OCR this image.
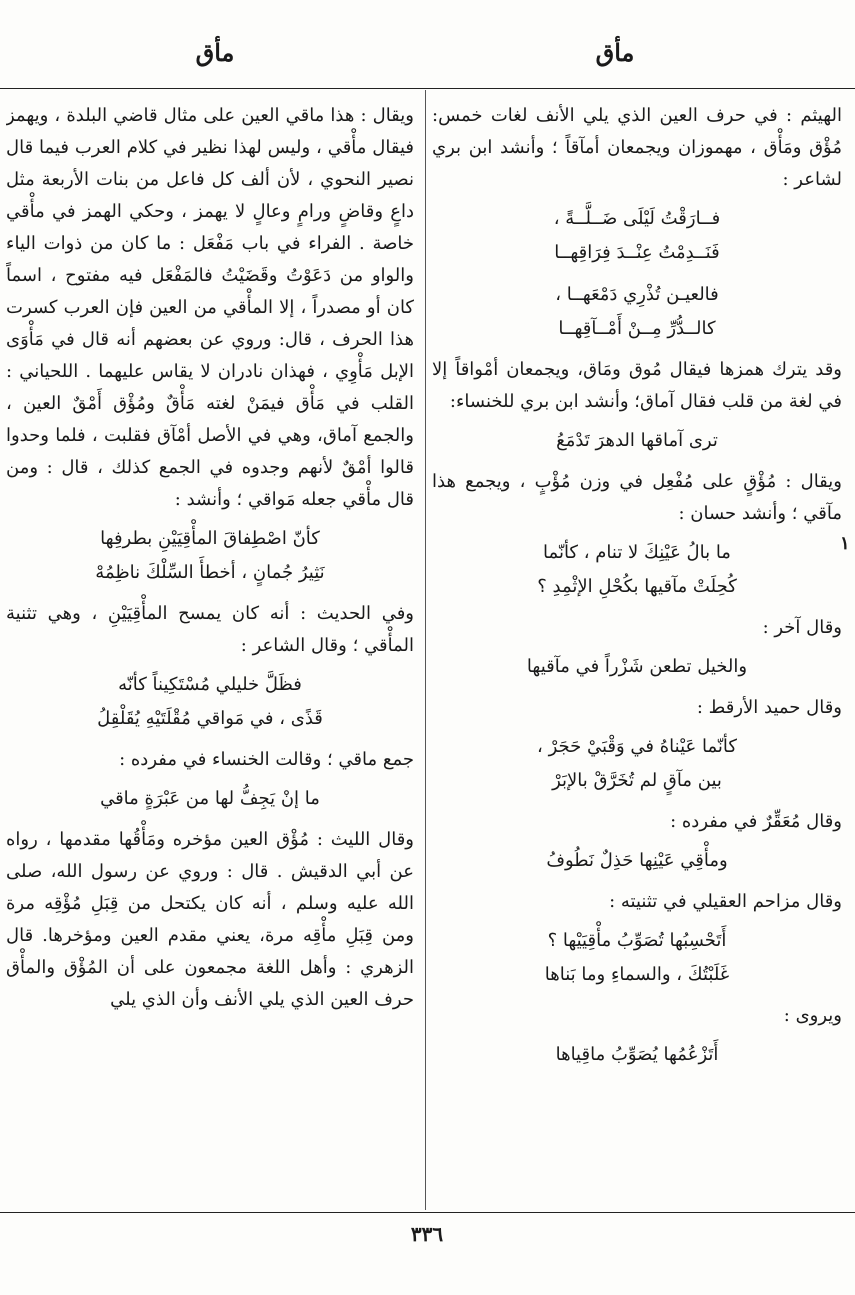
مأق
مأق
١

الهيثم : في حرف العين الذي يلي الأنف لغات خمس: مُؤْق ومَأْق ، مهموزان ويجمعان أمآقاً ؛ وأنشد ابن بري لشاعر :

فــارَقْتُ لَيْلَى ضَــلَّــةً ،
فَنَــدِمْتُ عِنْــدَ فِرَاقِهــا
فالعيـن تُذْرِي دَمْعَهــا ،
كالــدُّرِّ مِــنْ أَمْــآقِهــا

وقد يترك همزها فيقال مُوق ومَاق، ويجمعان أمْواقاً إلا في لغة من قلب فقال آماق؛ وأنشد ابن بري للخنساء:

ترى آماقها الدهرَ تَدْمَعُ

ويقال : مُؤْقٍ على مُفْعِل في وزن مُؤْبٍ ، ويجمع هذا مآقي ؛ وأنشد حسان :

ما بالُ عَيْنِكَ لا تنام ، كأنّما
كُحِلَتْ مآقيها بكُحْلِ الإثْمِدِ ؟

وقال آخر :

والخيل تطعن شَزْراً في مآقيها

وقال حميد الأرقط :

كأنّما عَيْناهُ في وَقْبَيْ حَجَرْ ،
بين مآقٍ لم تُخَرَّقْ بالإبَرْ

وقال مُعَقِّرٌ في مفرده :

ومأْقِي عَيْنِها حَذِلٌ نَطُوفُ

وقال مزاحم العقيلي في تثنيته :

أَتَحْسِبُها تُصَوِّبُ مأْقِيَيْها ؟
غَلَبْتُكَ ، والسماءِ وما بَناها

ويروى :

أَتَزْعُمُها يُصَوِّبُ ماقِياها

ويقال : هذا ماقي العين على مثال قاضي البلدة ، ويهمز فيقال مأْقي ، وليس لهذا نظير في كلام العرب فيما قال نصير النحوي ، لأن ألف كل فاعل من بنات الأربعة مثل داعٍ وقاضٍ ورامٍ وعالٍ لا يهمز ، وحكي الهمز في مأْقي خاصة . الفراء في باب مَفْعَل : ما كان من ذوات الياء والواو من دَعَوْتُ وقَضَيْتُ فالمَفْعَل فيه مفتوح ، اسماً كان أو مصدراً ، إلا المأْقي من العين فإن العرب كسرت هذا الحرف ، قال: وروي عن بعضهم أنه قال في مَأْوَى الإبل مَأْوِي ، فهذان نادران لا يقاس عليهما . اللحياني : القلب في مَأْق فيمَنْ لغته مَأْقٌ ومُؤْق أَمْقٌ العين ، والجمع آماق، وهي في الأصل أمْآق فقلبت ، فلما وحدوا قالوا أمْقٌ لأنهم وجدوه في الجمع كذلك ، قال : ومن قال مأْقي جعله مَواقي ؛ وأنشد :

كأنّ اصْطِفاقَ المأْقِيَيْنِ بطرفِها
نَثِيرُ جُمانٍ ، أخطأَ السِّلْكَ ناظِمُهْ

وفي الحديث : أنه كان يمسح المأْقِيَيْنِ ، وهي تثنية المأْقي ؛ وقال الشاعر :

فظَلَّ خليلي مُسْتَكِيناً كأنّه
قَذًى ، في مَواقي مُقْلَتَيْهِ يُقَلْقِلُ

جمع ماقي ؛ وقالت الخنساء في مفرده :

ما إنْ يَجِفُّ لها من عَبْرَةٍ ماقي

وقال الليث : مُؤْق العين مؤخره ومَأْقُها مقدمها ، رواه عن أبي الدقيش . قال : وروي عن رسول الله، صلى الله عليه وسلم ، أنه كان يكتحل من قِبَلِ مُؤْقِه مرة ومن قِبَلِ مأْقِه مرة، يعني مقدم العين ومؤخرها. قال الزهري : وأهل اللغة مجمعون على أن المُؤْق والمأْق حرف العين الذي يلي الأنف وأن الذي يلي

٣٣٦
